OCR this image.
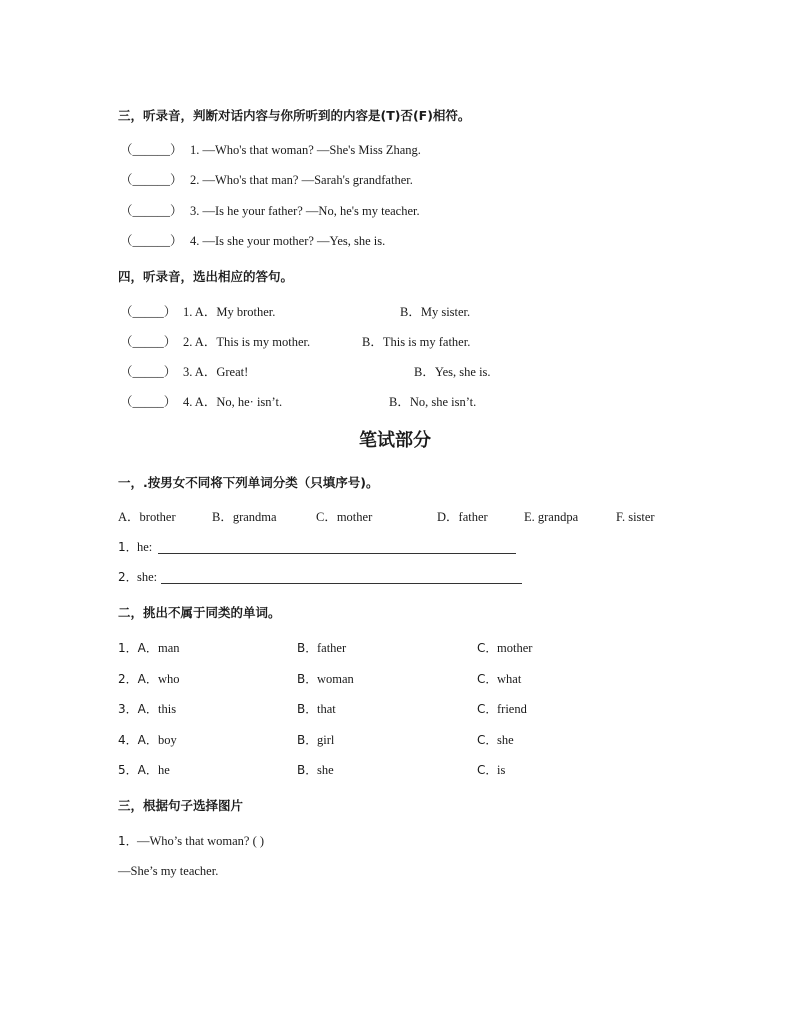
三，听录音，判断对话内容与你所听到的内容是(T)否(F)相符。
（______） 1. —Who's that woman? —She's Miss Zhang.
（______） 2. —Who's that man? —Sarah's grandfather.
（______） 3. —Is he your father? —No, he's my teacher.
（______） 4. —Is she your mother? —Yes, she is.
四，听录音，选出相应的答句。
（_____） 1. A．My brother.	B．My sister.
（_____） 2. A．This is my mother.	B．This is my father.
（_____） 3. A．Great!	B．Yes, she is.
（_____） 4. A．No, he· isn’t.	B．No, she isn’t.
笔试部分
一，.按男女不同将下列单词分类（只填序号)。
A．brother	B．grandma	C．mother	D．father	E. grandpa	F. sister
1． he:
2． she:
二，挑出不属于同类的单词。
1．A． man	B． father	C． mother
2．A． who	B． woman	C． what
3．A． this	B． that	C． friend
4．A． boy	B． girl	C． she
5．A． he	B． she	C． is
三，根据句子选择图片
1． —Who’s that woman? ( )
—She’s my teacher.
